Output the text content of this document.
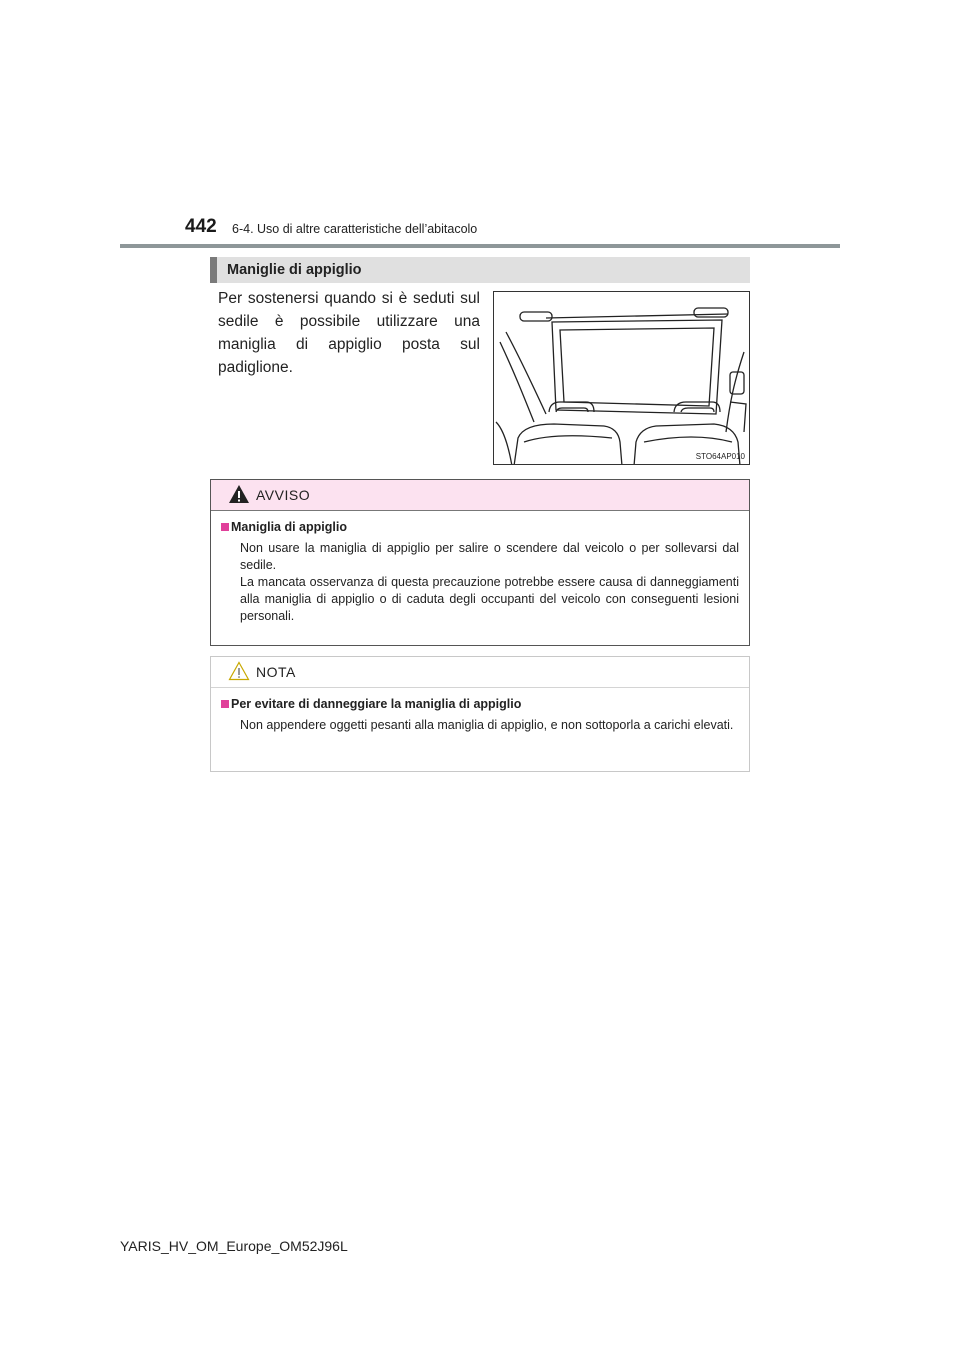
442 6-4. Uso di altre caratteristiche dell’abitacolo
Maniglie di appiglio
Per sostenersi quando si è seduti sul sedile è possibile utilizzare una maniglia di appiglio posta sul padiglione.
STO64AP010
AVVISO
Maniglia di appiglio
Non usare la maniglia di appiglio per salire o scendere dal veicolo o per sollevarsi dal sedile.
La mancata osservanza di questa precauzione potrebbe essere causa di danneggiamenti alla maniglia di appiglio o di caduta degli occupanti del veicolo con conseguenti lesioni personali.
NOTA
Per evitare di danneggiare la maniglia di appiglio
Non appendere oggetti pesanti alla maniglia di appiglio, e non sottoporla a carichi elevati.
YARIS_HV_OM_Europe_OM52J96L
